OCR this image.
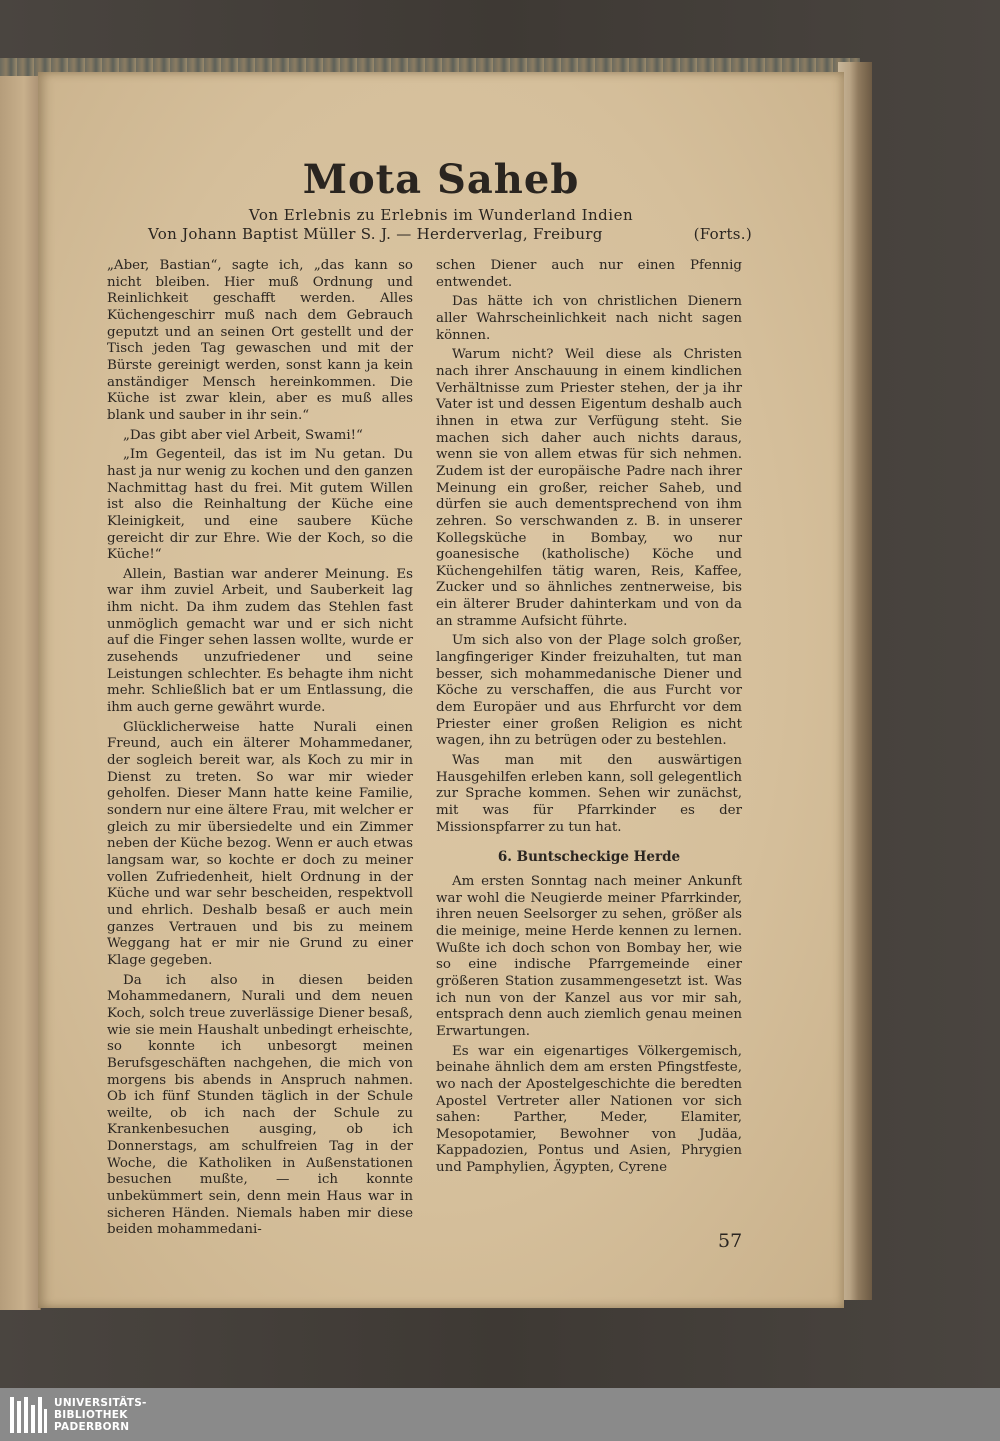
Mota Saheb
Von Erlebnis zu Erlebnis im Wunderland Indien
Von Johann Baptist Müller S. J. — Herderverlag, Freiburg	(Forts.)

„Aber, Bastian“, sagte ich, „das kann so nicht bleiben. Hier muß Ordnung und Reinlichkeit geschafft werden. Alles Küchengeschirr muß nach dem Gebrauch geputzt und an seinen Ort gestellt und der Tisch jeden Tag gewaschen und mit der Bürste gereinigt werden, sonst kann ja kein anständiger Mensch hereinkommen. Die Küche ist zwar klein, aber es muß alles blank und sauber in ihr sein.“

„Das gibt aber viel Arbeit, Swami!“

„Im Gegenteil, das ist im Nu getan. Du hast ja nur wenig zu kochen und den ganzen Nachmittag hast du frei. Mit gutem Willen ist also die Reinhaltung der Küche eine Kleinigkeit, und eine saubere Küche gereicht dir zur Ehre. Wie der Koch, so die Küche!“

Allein, Bastian war anderer Meinung. Es war ihm zuviel Arbeit, und Sauberkeit lag ihm nicht. Da ihm zudem das Stehlen fast unmöglich gemacht war und er sich nicht auf die Finger sehen lassen wollte, wurde er zusehends unzufriedener und seine Leistungen schlechter. Es behagte ihm nicht mehr. Schließlich bat er um Entlassung, die ihm auch gerne gewährt wurde.

Glücklicherweise hatte Nurali einen Freund, auch ein älterer Mohammedaner, der sogleich bereit war, als Koch zu mir in Dienst zu treten. So war mir wieder geholfen. Dieser Mann hatte keine Familie, sondern nur eine ältere Frau, mit welcher er gleich zu mir übersiedelte und ein Zimmer neben der Küche bezog. Wenn er auch etwas langsam war, so kochte er doch zu meiner vollen Zufriedenheit, hielt Ordnung in der Küche und war sehr bescheiden, respektvoll und ehrlich. Deshalb besaß er auch mein ganzes Vertrauen und bis zu meinem Weggang hat er mir nie Grund zu einer Klage gegeben.

Da ich also in diesen beiden Mohammedanern, Nurali und dem neuen Koch, solch treue zuverlässige Diener besaß, wie sie mein Haushalt unbedingt erheischte, so konnte ich unbesorgt meinen Berufsgeschäften nachgehen, die mich von morgens bis abends in Anspruch nahmen. Ob ich fünf Stunden täglich in der Schule weilte, ob ich nach der Schule zu Krankenbesuchen ausging, ob ich Donnerstags, am schulfreien Tag in der Woche, die Katholiken in Außenstationen besuchen mußte, — ich konnte unbekümmert sein, denn mein Haus war in sicheren Händen. Niemals haben mir diese beiden mohammedani-

schen Diener auch nur einen Pfennig entwendet.

Das hätte ich von christlichen Dienern aller Wahrscheinlichkeit nach nicht sagen können.

Warum nicht? Weil diese als Christen nach ihrer Anschauung in einem kindlichen Verhältnisse zum Priester stehen, der ja ihr Vater ist und dessen Eigentum deshalb auch ihnen in etwa zur Verfügung steht. Sie machen sich daher auch nichts daraus, wenn sie von allem etwas für sich nehmen. Zudem ist der europäische Padre nach ihrer Meinung ein großer, reicher Saheb, und dürfen sie auch dementsprechend von ihm zehren. So verschwanden z. B. in unserer Kollegsküche in Bombay, wo nur goanesische (katholische) Köche und Küchengehilfen tätig waren, Reis, Kaffee, Zucker und so ähnliches zentnerweise, bis ein älterer Bruder dahinterkam und von da an stramme Aufsicht führte.

Um sich also von der Plage solch großer, langfingeriger Kinder freizuhalten, tut man besser, sich mohammedanische Diener und Köche zu verschaffen, die aus Furcht vor dem Europäer und aus Ehrfurcht vor dem Priester einer großen Religion es nicht wagen, ihn zu betrügen oder zu bestehlen.

Was man mit den auswärtigen Hausgehilfen erleben kann, soll gelegentlich zur Sprache kommen. Sehen wir zunächst, mit was für Pfarrkinder es der Missionspfarrer zu tun hat.

6. Buntscheckige Herde

Am ersten Sonntag nach meiner Ankunft war wohl die Neugierde meiner Pfarrkinder, ihren neuen Seelsorger zu sehen, größer als die meinige, meine Herde kennen zu lernen. Wußte ich doch schon von Bombay her, wie so eine indische Pfarrgemeinde einer größeren Station zusammengesetzt ist. Was ich nun von der Kanzel aus vor mir sah, entsprach denn auch ziemlich genau meinen Erwartungen.

Es war ein eigenartiges Völkergemisch, beinahe ähnlich dem am ersten Pfingstfeste, wo nach der Apostelgeschichte die beredten Apostel Vertreter aller Nationen vor sich sahen: Parther, Meder, Elamiter, Mesopotamier, Bewohner von Judäa, Kappadozien, Pontus und Asien, Phrygien und Pamphylien, Ägypten, Cyrene

57
UNIVERSITÄTS-
BIBLIOTHEK
PADERBORN
